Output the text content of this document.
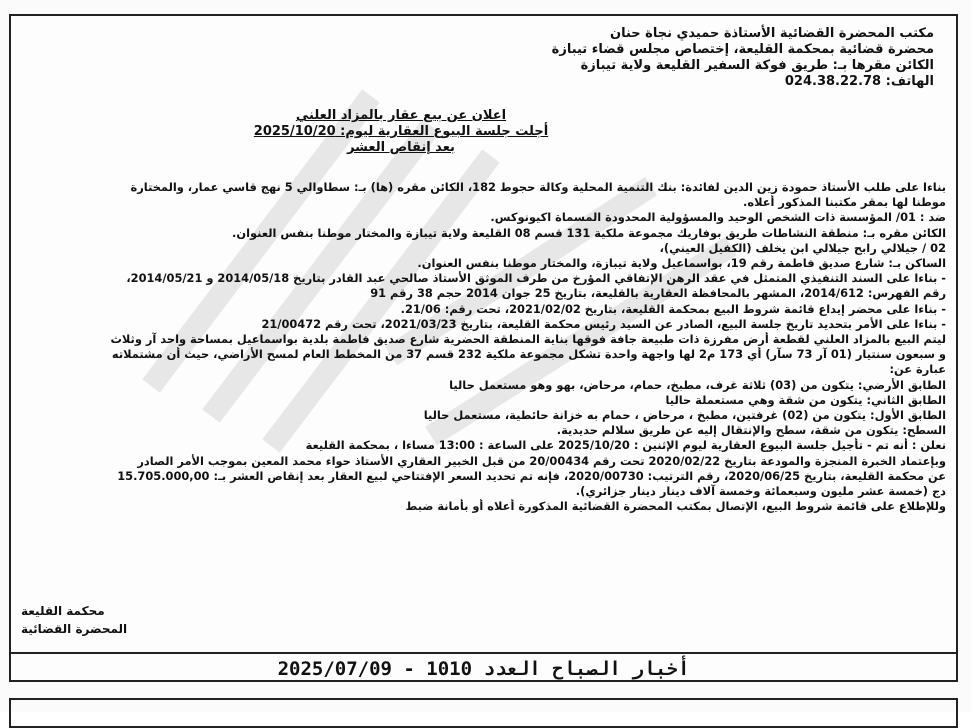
مكتب المحضرة القضائية الأستاذة حميدي نجاة حنان
محضرة قضائية بمحكمة القليعة، إختصاص مجلس قضاء تيبازة
الكائن مقرها بـ: طريق فوكة السفير القليعة ولاية تيبازة
الهاتف: 024.38.22.78
اعلان عن بيع عقار بالمزاد العلني
أجلت جلسة البيوع العقارية ليوم: 2025/10/20
بعد إنقاص العشر
بناءا على طلب الأستاذ حمودة زين الدين لفائدة: بنك التنمية المحلية وكالة حجوط 182، الكائن مقره (ها) بـ: سطاوالي 5 نهج قاسي عمار، والمختارة
موطنا لها بمقر مكتبنا المذكور أعلاه.
ضد : 01/ المؤسسة ذات الشخص الوحيد والمسؤولية المحدودة المسماة اكيونوكس.
الكائن مقره بـ: منطقة النشاطات طريق بوفاريك مجموعة ملكية 131 قسم 08 القليعة ولاية تيبازة والمختار موطنا بنفس العنوان.
02 / جيلالي رابح جيلالي ابن يخلف (الكفيل العيني)،
الساكن بـ: شارع صديق فاطمة رقم 19، بواسماعيل ولاية تيبازة، والمختار موطنا بنفس العنوان.
- بناءا على السند التنفيذي المتمثل في عقد الرهن الإتفاقي المؤرخ من طرف الموثق الأستاذ صالحي عبد القادر بتاريخ 2014/05/18 و 2014/05/21،
رقم الفهرس: 2014/612، المشهر بالمحافظة العقارية بالقليعة، بتاريخ 25 جوان 2014 حجم 38 رقم 91
- بناءا على محضر إيداع قائمة شروط البيع بمحكمة القليعة، بتاريخ 2021/02/02، تحت رقم: 21/06.
- بناءا على الأمر بتحديد تاريخ جلسة البيع، الصادر عن السيد رئيس محكمة القليعة، بتاريخ 2021/03/23، تحت رقم 21/00472
ليتم البيع بالمزاد العلني لقطعة أرض مفرزة ذات طبيعة جافة فوقها بناية المنطقة الحضرية شارع صديق فاطمة بلدية بواسماعيل بمساحة واحد آر وثلاث
و سبعون سنتيار (01 آر 73 سآر) أي 173 م2 لها واجهة واحدة تشكل مجموعة ملكية 232 قسم 37 من المخطط العام لمسح الأراضي، حيث أن مشتملاته
عبارة عن:
الطابق الأرضي: يتكون من (03) ثلاثة غرف، مطبخ، حمام، مرحاض، بهو وهو مستعمل حاليا
الطابق الثاني: يتكون من شقة وهي مستعملة حاليا
الطابق الأول: يتكون من (02) غرفتين، مطبخ ، مرحاض ، حمام به خزانة حائطية، مستعمل حاليا
السطح: يتكون من شقة، سطح والإنتقال إليه عن طريق سلالم حديدية.
نعلن : أنه تم - تأجيل جلسة البيوع العقارية ليوم الإثنين : 2025/10/20 على الساعة : 13:00 مساءا ، بمحكمة القليعة
وبإعتماد الخبرة المنجزة والمودعة بتاريخ 2020/02/22 تحت رقم 20/00434 من قبل الخبير العقاري الأستاذ حواء محمد المعين بموجب الأمر الصادر
عن محكمة القليعة، بتاريخ 2020/06/25، رقم الترتيب: 2020/00730، فإنه تم تحديد السعر الإفتتاحي لبيع العقار بعد إنقاص العشر بـ: 15.705.000,00
دج (خمسة عشر مليون وسبعمائة وخمسة آلاف دينار دينار جزائري).
وللإطلاع على قائمة شروط البيع، الإتصال بمكتب المحضرة القضائية المذكورة أعلاه أو بأمانة ضبط
محكمة القليعة
المحضرة القضائية
أخبار الصباح العدد 1010 - 2025/07/09
